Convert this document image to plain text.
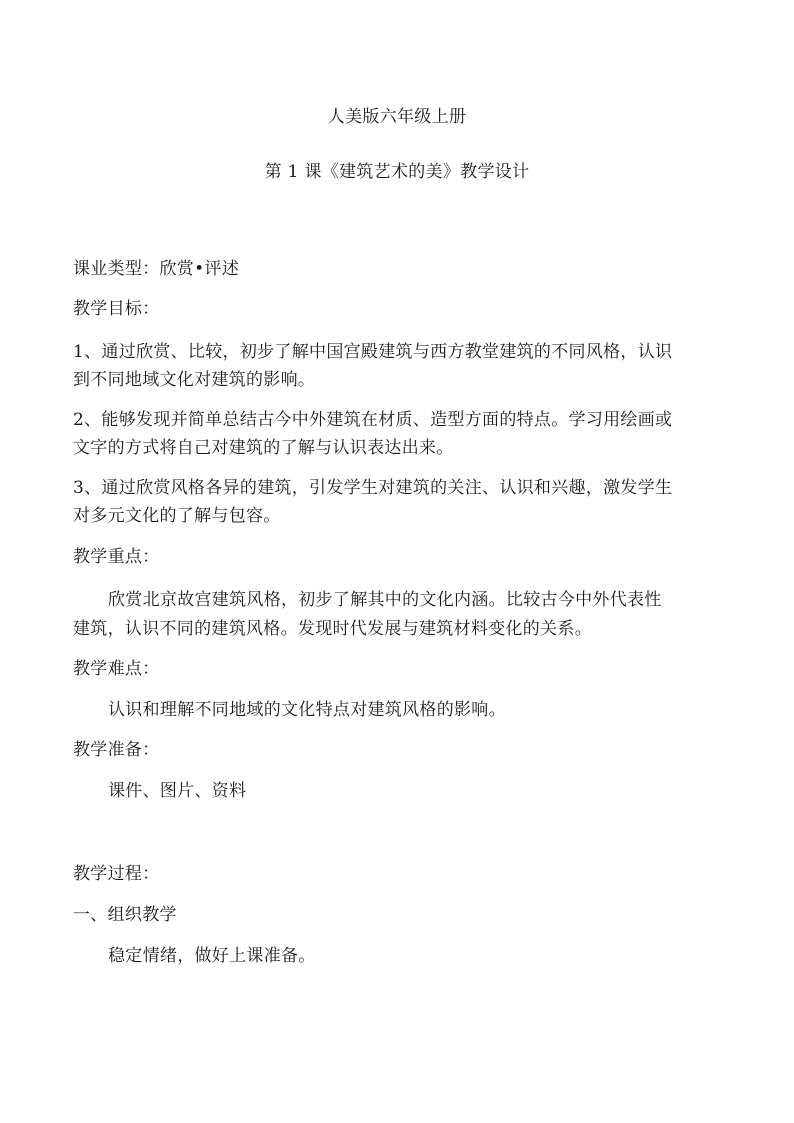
人美版六年级上册
第 1 课《建筑艺术的美》教学设计
课业类型：欣赏•评述
教学目标：
1、通过欣赏、比较，初步了解中国宫殿建筑与西方教堂建筑的不同风格，认识
到不同地域文化对建筑的影响。
2、能够发现并简单总结古今中外建筑在材质、造型方面的特点。学习用绘画或
文字的方式将自己对建筑的了解与认识表达出来。
3、通过欣赏风格各异的建筑，引发学生对建筑的关注、认识和兴趣，激发学生
对多元文化的了解与包容。
教学重点：
欣赏北京故宫建筑风格，初步了解其中的文化内涵。比较古今中外代表性
建筑，认识不同的建筑风格。发现时代发展与建筑材料变化的关系。
教学难点：
认识和理解不同地域的文化特点对建筑风格的影响。
教学准备：
课件、图片、资料
教学过程：
一、组织教学
稳定情绪，做好上课准备。
